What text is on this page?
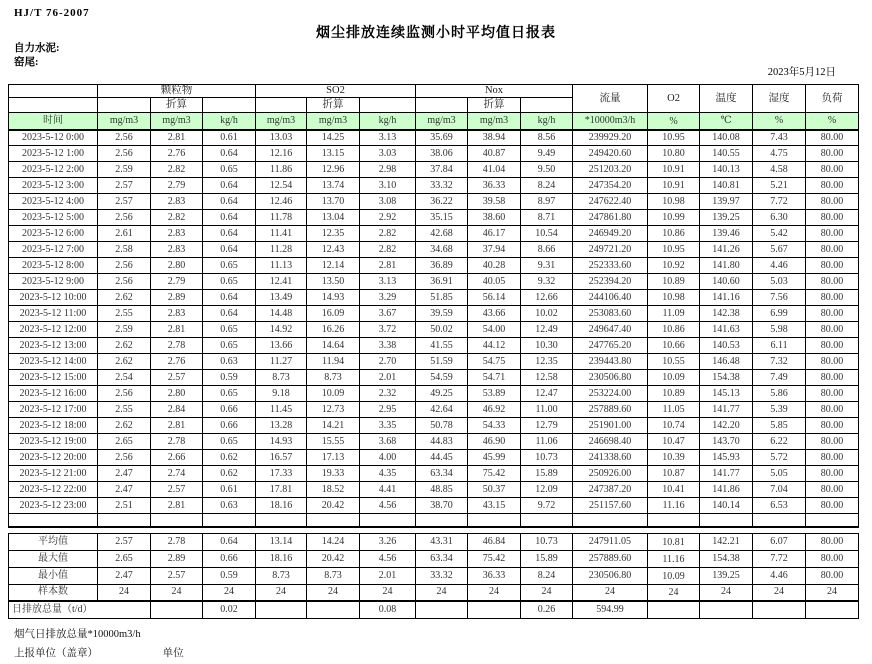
HJ/T 76-2007
烟尘排放连续监测小时平均值日报表
自力水泥:
窑尾:
2023年5月12日
	颗粒物			SO2			Nox			流量	O2	温度	湿度	负荷
		折算			折算			折算						
时间	mg/m3	mg/m3	kg/h	mg/m3	mg/m3	kg/h	mg/m3	mg/m3	kg/h	*10000m3/h	%	℃	%	%
2023-5-12 0:00	2.56	2.81	0.61	13.03	14.25	3.13	35.69	38.94	8.56	239929.20	10.95	140.08	7.43	80.00
2023-5-12 1:00	2.56	2.76	0.64	12.16	13.15	3.03	38.06	40.87	9.49	249420.60	10.80	140.55	4.75	80.00
2023-5-12 2:00	2.59	2.82	0.65	11.86	12.96	2.98	37.84	41.04	9.50	251203.20	10.91	140.13	4.58	80.00
2023-5-12 3:00	2.57	2.79	0.64	12.54	13.74	3.10	33.32	36.33	8.24	247354.20	10.91	140.81	5.21	80.00
2023-5-12 4:00	2.57	2.83	0.64	12.46	13.70	3.08	36.22	39.58	8.97	247622.40	10.98	139.97	7.72	80.00
2023-5-12 5:00	2.56	2.82	0.64	11.78	13.04	2.92	35.15	38.60	8.71	247861.80	10.99	139.25	6.30	80.00
2023-5-12 6:00	2.61	2.83	0.64	11.41	12.35	2.82	42.68	46.17	10.54	246949.20	10.86	139.46	5.42	80.00
2023-5-12 7:00	2.58	2.83	0.64	11.28	12.43	2.82	34.68	37.94	8.66	249721.20	10.95	141.26	5.67	80.00
2023-5-12 8:00	2.56	2.80	0.65	11.13	12.14	2.81	36.89	40.28	9.31	252333.60	10.92	141.80	4.46	80.00
2023-5-12 9:00	2.56	2.79	0.65	12.41	13.50	3.13	36.91	40.05	9.32	252394.20	10.89	140.60	5.03	80.00
2023-5-12 10:00	2.62	2.89	0.64	13.49	14.93	3.29	51.85	56.14	12.66	244106.40	10.98	141.16	7.56	80.00
2023-5-12 11:00	2.55	2.83	0.64	14.48	16.09	3.67	39.59	43.66	10.02	253083.60	11.09	142.38	6.99	80.00
2023-5-12 12:00	2.59	2.81	0.65	14.92	16.26	3.72	50.02	54.00	12.49	249647.40	10.86	141.63	5.98	80.00
2023-5-12 13:00	2.62	2.78	0.65	13.66	14.64	3.38	41.55	44.12	10.30	247765.20	10.66	140.53	6.11	80.00
2023-5-12 14:00	2.62	2.76	0.63	11.27	11.94	2.70	51.59	54.75	12.35	239443.80	10.55	146.48	7.32	80.00
2023-5-12 15:00	2.54	2.57	0.59	8.73	8.73	2.01	54.59	54.71	12.58	230506.80	10.09	154.38	7.49	80.00
2023-5-12 16:00	2.56	2.80	0.65	9.18	10.09	2.32	49.25	53.89	12.47	253224.00	10.89	145.13	5.86	80.00
2023-5-12 17:00	2.55	2.84	0.66	11.45	12.73	2.95	42.64	46.92	11.00	257889.60	11.05	141.77	5.39	80.00
2023-5-12 18:00	2.62	2.81	0.66	13.28	14.21	3.35	50.78	54.33	12.79	251901.00	10.74	142.20	5.85	80.00
2023-5-12 19:00	2.65	2.78	0.65	14.93	15.55	3.68	44.83	46.90	11.06	246698.40	10.47	143.70	6.22	80.00
2023-5-12 20:00	2.56	2.66	0.62	16.57	17.13	4.00	44.45	45.99	10.73	241338.60	10.39	145.93	5.72	80.00
2023-5-12 21:00	2.47	2.74	0.62	17.33	19.33	4.35	63.34	75.42	15.89	250926.00	10.87	141.77	5.05	80.00
2023-5-12 22:00	2.47	2.57	0.61	17.81	18.52	4.41	48.85	50.37	12.09	247387.20	10.41	141.86	7.04	80.00
2023-5-12 23:00	2.51	2.81	0.63	18.16	20.42	4.56	38.70	43.15	9.72	251157.60	11.16	140.14	6.53	80.00

平均值	2.57	2.78	0.64	13.14	14.24	3.26	43.31	46.84	10.73	247911.05	10.81	142.21	6.07	80.00
最大值	2.65	2.89	0.66	18.16	20.42	4.56	63.34	75.42	15.89	257889.60	11.16	154.38	7.72	80.00
最小值	2.47	2.57	0.59	8.73	8.73	2.01	33.32	36.33	8.24	230506.80	10.09	139.25	4.46	80.00
样本数	24	24	24	24	24	24	24	24	24	24	24	24	24	24
日排放总量（t/d）			0.02			0.08			0.26	594.99				
烟气日排放总量*10000m3/h
上报单位（盖章）	单位
